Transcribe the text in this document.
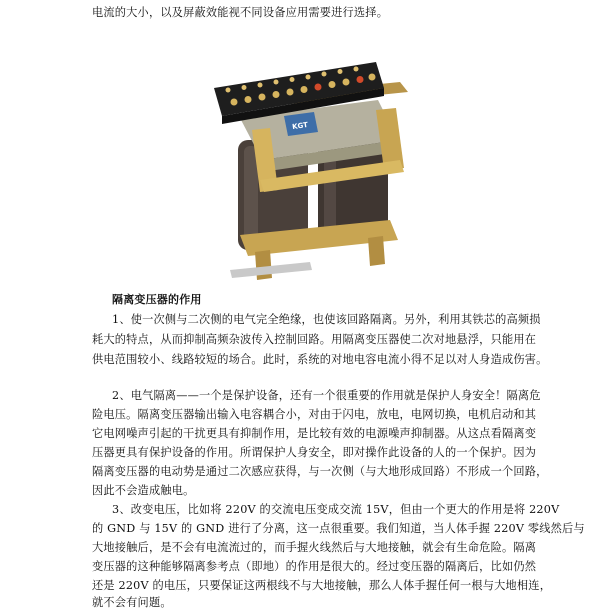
电流的大小，以及屏蔽效能视不同设备应用需要进行选择。
KGT
隔离变压器的作用
1、使一次侧与二次侧的电气完全绝缘，也使该回路隔离。另外，利用其铁芯的高频损
耗大的特点，从而抑制高频杂波传入控制回路。用隔离变压器使二次对地悬浮，只能用在
供电范围较小、线路较短的场合。此时，系统的对地电容电流小得不足以对人身造成伤害。
2、电气隔离——一个是保护设备，还有一个很重要的作用就是保护人身安全！隔离危
险电压。隔离变压器输出输入电容耦合小，对由于闪电，放电，电网切换，电机启动和其
它电网噪声引起的干扰更具有抑制作用，是比较有效的电源噪声抑制器。从这点看隔离变
压器更具有保护设备的作用。所谓保护人身安全，即对操作此设备的人的一个保护。因为
隔离变压器的电动势是通过二次感应获得，与一次侧（与大地形成回路）不形成一个回路，
因此不会造成触电。
3、改变电压，比如将 220V 的交流电压变成交流 15V，但由一个更大的作用是将 220V
的 GND 与 15V 的 GND 进行了分离，这一点很重要。我们知道，当人体手握 220V 零线然后与
大地接触后，是不会有电流流过的，而手握火线然后与大地接触，就会有生命危险。隔离
变压器的这种能够隔离参考点（即地）的作用是很大的。经过变压器的隔离后，比如仍然
还是 220V 的电压，只要保证这两根线不与大地接触，那么人体手握任何一根与大地相连，
就不会有问题。
